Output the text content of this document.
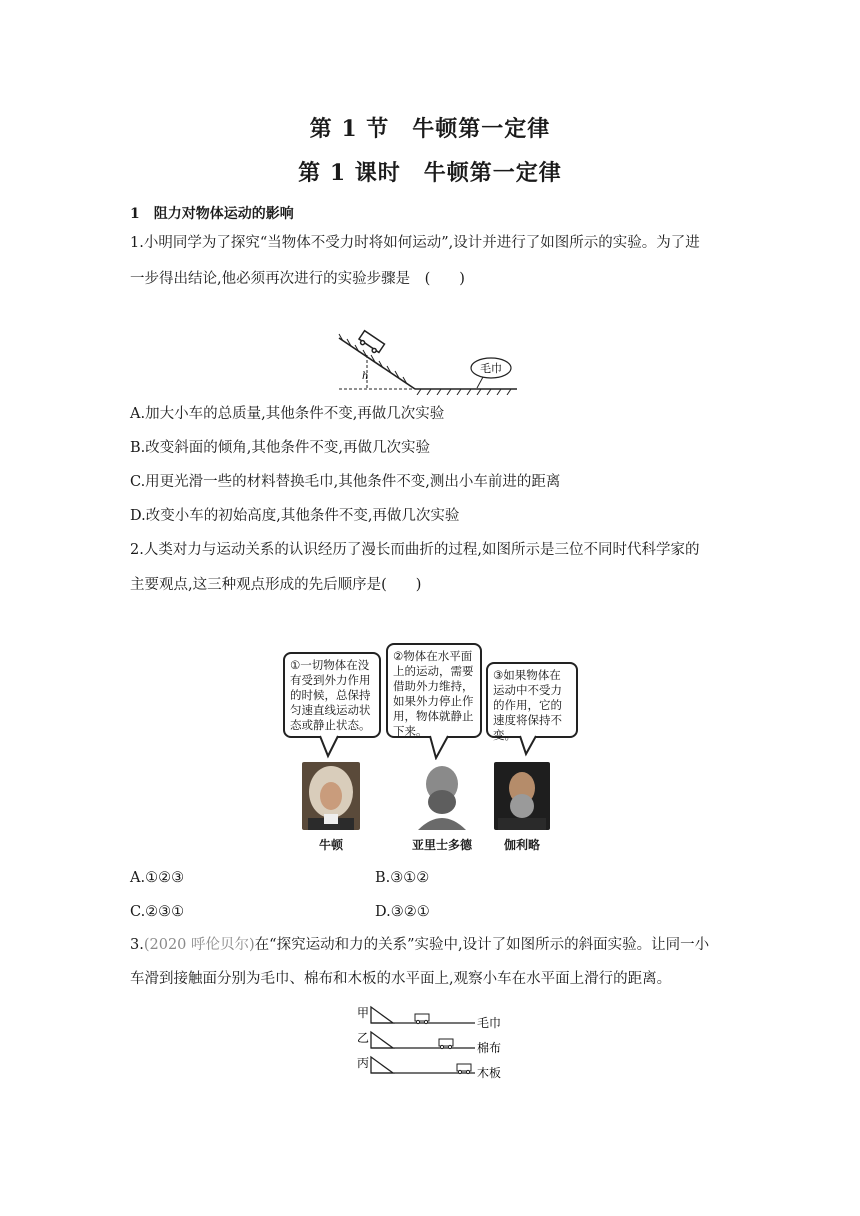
第 1 节　牛顿第一定律
第 1 课时　牛顿第一定律
1　阻力对物体运动的影响
1.小明同学为了探究“当物体不受力时将如何运动”,设计并进行了如图所示的实验。为了进
一步得出结论,他必须再次进行的实验步骤是　(　　)
h
毛巾
A.加大小车的总质量,其他条件不变,再做几次实验
B.改变斜面的倾角,其他条件不变,再做几次实验
C.用更光滑一些的材料替换毛巾,其他条件不变,测出小车前进的距离
D.改变小车的初始高度,其他条件不变,再做几次实验
2.人类对力与运动关系的认识经历了漫长而曲折的过程,如图所示是三位不同时代科学家的
主要观点,这三种观点形成的先后顺序是(　　)
①一切物体在没有受到外力作用的时候，总保持匀速直线运动状态或静止状态。
②物体在水平面上的运动，需要借助外力维持，如果外力停止作用，物体就静止下来。
③如果物体在运动中不受力的作用，它的速度将保持不变。
牛顿	亚里士多德	伽利略
A.①②③	B.③①②
C.②③①	D.③②①
3.(2020 呼伦贝尔)在“探究运动和力的关系”实验中,设计了如图所示的斜面实验。让同一小
车滑到接触面分别为毛巾、棉布和木板的水平面上,观察小车在水平面上滑行的距离。
甲
毛巾
乙
棉布
丙
木板
